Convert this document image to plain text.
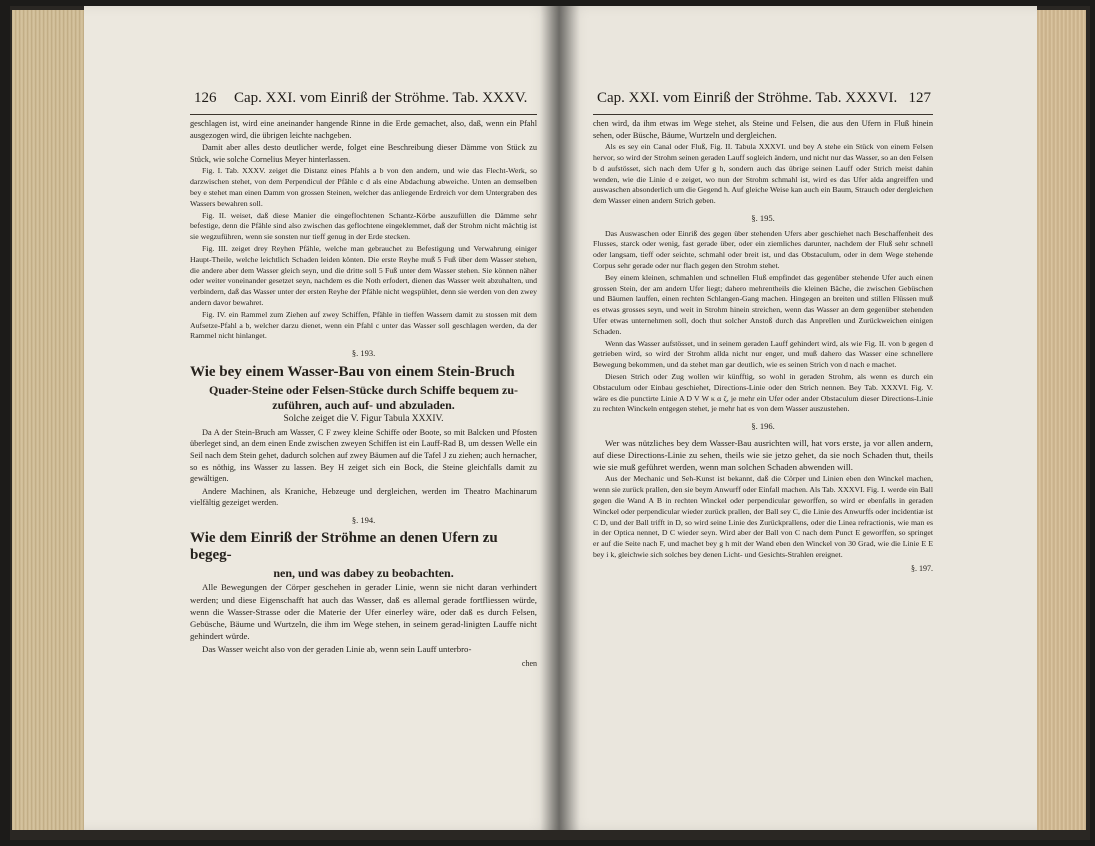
126 Cap. XXI. vom Einriß der Ströhme. Tab. XXXV.

geschlagen ist, wird eine aneinander hangende Rinne in die Erde gemachet, also, daß, wenn ein Pfahl ausgezogen wird, die übrigen leichte nachgeben.

Damit aber alles desto deutlicher werde, folget eine Beschreibung dieser Dämme von Stück zu Stück, wie solche Cornelius Meyer hinterlassen.

Fig. I. Tab. XXXV. zeiget die Distanz eines Pfahls a b von den andern, und wie das Flecht-Werk, so darzwischen stehet, von dem Perpendicul der Pfähle c d als eine Abdachung abweiche. Unten an demselben bey e stehet man einen Damm von grossen Steinen, welcher das anliegende Erdreich vor dem Untergraben des Wassers bewahren soll.

Fig. II. weiset, daß diese Manier die eingeflochtenen Schantz-Körbe auszufüllen die Dämme sehr befestige, denn die Pfähle sind also zwischen das geflochtene eingeklemmet, daß der Strohm nicht mächtig ist sie wegzuführen, wenn sie sonsten nur tieff genug in der Erde stecken.

Fig. III. zeiget drey Reyhen Pfähle, welche man gebrauchet zu Befestigung und Verwahrung einiger Haupt-Theile, welche leichtlich Schaden leiden könten. Die erste Reyhe muß 5 Fuß über dem Wasser stehen, die andere aber dem Wasser gleich seyn, und die dritte soll 5 Fuß unter dem Wasser stehen. Sie können näher oder weiter voneinander gesetzet seyn, nachdem es die Noth erfodert, dienen das Wasser weit abzuhalten, und verbindern, daß das Wasser unter der ersten Reyhe der Pfähle nicht wegspühlet, denn sie werden von den zwey andern davor bewahret.

Fig. IV. ein Rammel zum Ziehen auf zwey Schiffen, Pfähle in tieffen Wassern damit zu stossen mit dem Aufsetze-Pfahl a b, welcher darzu dienet, wenn ein Pfahl c unter das Wasser soll geschlagen werden, da der Rammel nicht hinlanget.

§. 193.
Wie bey einem Wasser-Bau von einem Stein-Bruch
Quader-Steine oder Felsen-Stücke durch Schiffe bequem zu-
zuführen, auch auf- und abzuladen.

Solche zeiget die V. Figur Tabula XXXIV.

Da A der Stein-Bruch am Wasser, C F zwey kleine Schiffe oder Boote, so mit Balcken und Pfosten überleget sind, an dem einen Ende zwischen zweyen Schiffen ist ein Lauff-Rad B, um dessen Welle ein Seil nach dem Stein gehet, dadurch solchen auf zwey Bäumen auf die Tafel J zu ziehen; auch hernacher, so es nöthig, ins Wasser zu lassen. Bey H zeiget sich ein Bock, die Steine gleichfalls damit zu gewältigen.

Andere Machinen, als Kraniche, Hebzeuge und dergleichen, werden im Theatro Machinarum vielfältig gezeiget werden.

§. 194.
Wie dem Einriß der Ströhme an denen Ufern zu begeg-
nen, und was dabey zu beobachten.

Alle Bewegungen der Cörper geschehen in gerader Linie, wenn sie nicht daran verhindert werden; und diese Eigenschafft hat auch das Wasser, daß es allemal gerade fortfliessen würde, wenn die Wasser-Strasse oder die Materie der Ufer einerley wäre, oder daß es durch Felsen, Gebüsche, Bäume und Wurtzeln, die ihm im Wege stehen, in seinem gerad-linigten Lauffe nicht gehindert würde.

Das Wasser weicht also von der geraden Linie ab, wenn sein Lauff unterbro-

chen
Cap. XXI. vom Einriß der Ströhme. Tab. XXXVI. 127

chen wird, da ihm etwas im Wege stehet, als Steine und Felsen, die aus den Ufern in Fluß hinein sehen, oder Büsche, Bäume, Wurtzeln und dergleichen.

Als es sey ein Canal oder Fluß, Fig. II. Tabula XXXVI. und bey A stehe ein Stück von einem Felsen hervor, so wird der Strohm seinen geraden Lauff sogleich ändern, und nicht nur das Wasser, so an den Felsen b d aufstösset, sich nach dem Ufer g h, sondern auch das übrige seinen Lauff oder Strich meist dahin wenden, wie die Linie d e zeiget, wo nun der Strohm schmahl ist, wird es das Ufer alda angreiffen und auswaschen absonderlich um die Gegend h. Auf gleiche Weise kan auch ein Baum, Strauch oder dergleichen dem Wasser einen andern Strich geben.

§. 195.

Das Auswaschen oder Einriß des gegen über stehenden Ufers aber geschiehet nach Beschaffenheit des Flusses, starck oder wenig, fast gerade über, oder ein ziemliches darunter, nachdem der Fluß sehr schnell oder langsam, tieff oder seichte, schmahl oder breit ist, und das Obstaculum, oder in dem Wege stehende Corpus sehr gerade oder nur flach gegen den Strohm stehet.

Bey einem kleinen, schmahlen und schnellen Fluß empfindet das gegenüber stehende Ufer auch einen grossen Stein, der am andern Ufer liegt; dahero mehrentheils die kleinen Bäche, die zwischen Gebüschen und Bäumen lauffen, einen rechten Schlangen-Gang machen. Hingegen an breiten und stillen Flüssen muß es etwas grosses seyn, und weit in Strohm hinein streichen, wenn das Wasser an dem gegenüber stehenden Ufer etwas unternehmen soll, doch thut solcher Anstoß durch das Anprellen und Zurückweichen einigen Schaden.

Wenn das Wasser aufstösset, und in seinem geraden Lauff gehindert wird, als wie Fig. II. von b gegen d getrieben wird, so wird der Strohm allda nicht nur enger, und muß dahero das Wasser eine schnellere Bewegung bekommen, und da stehet man gar deutlich, wie es seinen Strich von d nach e machet.

Diesen Strich oder Zug wollen wir künfftig, so wohl in geraden Strohm, als wenn es durch ein Obstaculum oder Einbau geschiehet, Directions-Linie oder den Strich nennen. Bey Tab. XXXVI. Fig. V. wäre es die punctirte Linie A D V W κ α ζ, je mehr ein Ufer oder ander Obstaculum dieser Directions-Linie zu rechten Winckeln entgegen stehet, je mehr hat es von dem Wasser auszustehen.

§. 196.

Wer was nützliches bey dem Wasser-Bau ausrichten will, hat vors erste, ja vor allen andern, auf diese Directions-Linie zu sehen, theils wie sie jetzo gehet, da sie noch Schaden thut, theils wie sie muß geführet werden, wenn man solchen Schaden abwenden will.

Aus der Mechanic und Seh-Kunst ist bekannt, daß die Cörper und Linien eben den Winckel machen, wenn sie zurück prallen, den sie beym Anwurff oder Einfall machen. Als Tab. XXXVI. Fig. I. werde ein Ball gegen die Wand A B in rechten Winckel oder perpendicular geworffen, so wird er ebenfalls in geraden Winckel oder perpendicular wieder zurück prallen, der Ball sey C, die Linie des Anwurffs oder incidentiæ ist C D, und der Ball trifft in D, so wird seine Linie des Zurückprallens, oder die Linea refractionis, wie man es in der Optica nennet, D C wieder seyn. Wird aber der Ball von C nach dem Punct E geworffen, so springet er auf die Seite nach F, und machet bey g h mit der Wand eben den Winckel von 30 Grad, wie die Linie E E bey i k, gleichwie sich solches bey denen Licht- und Gesichts-Strahlen ereignet.

§. 197.
